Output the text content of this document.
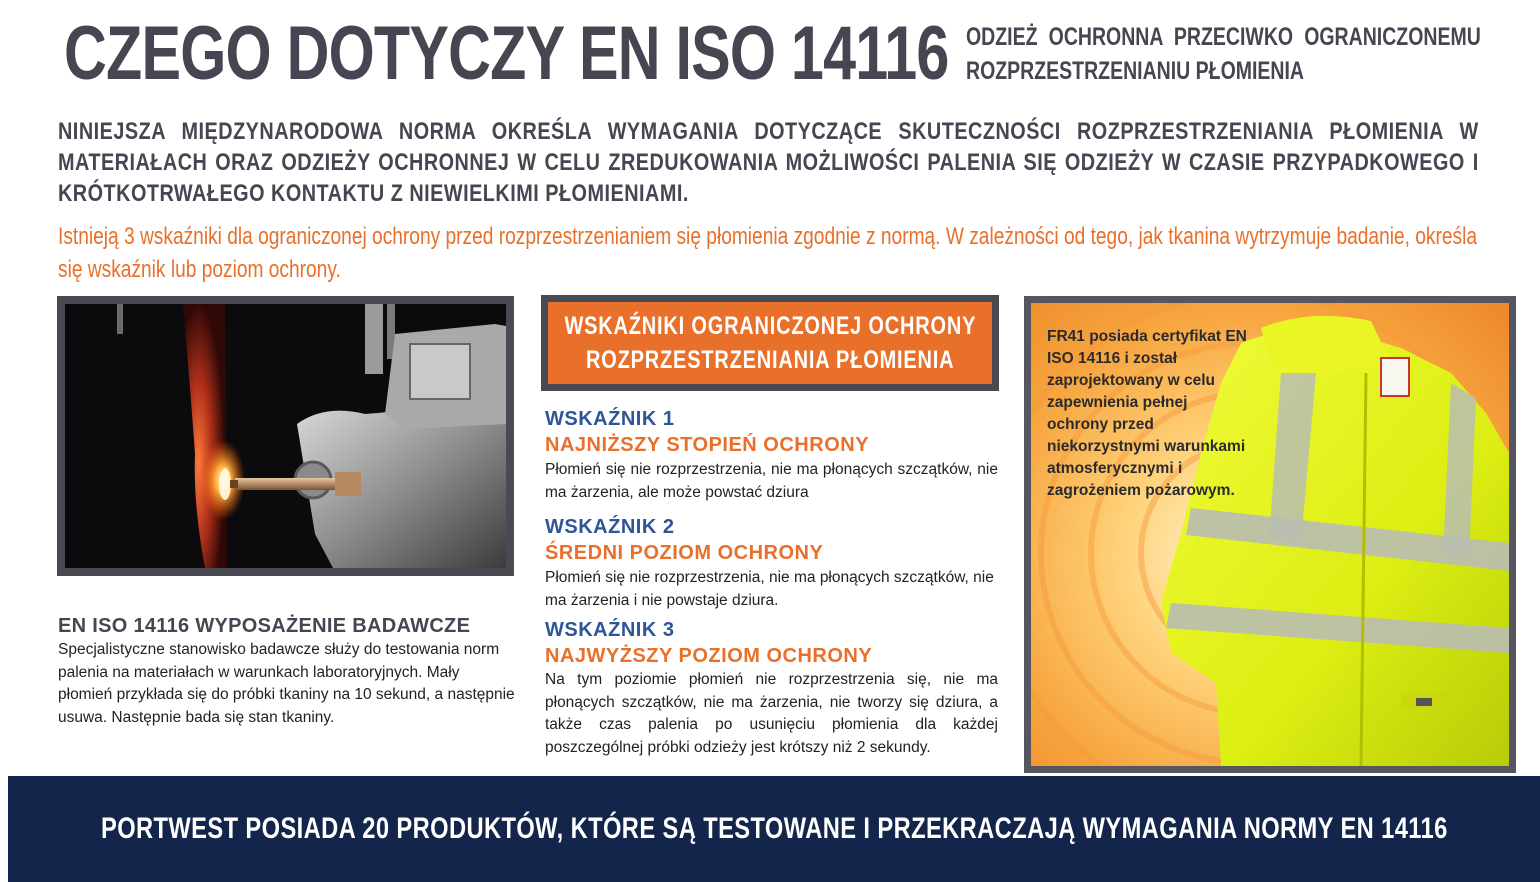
CZEGO DOTYCZY EN ISO 14116 ODZIEŻ OCHRONNA PRZECIWKO OGRANICZONEMU ROZPRZESTRZENIANIU PŁOMIENIA
NINIEJSZA MIĘDZYNARODOWA NORMA OKREŚLA WYMAGANIA DOTYCZĄCE SKUTECZNOŚCI ROZPRZESTRZENIANIA PŁOMIENIA W MATERIAŁACH ORAZ ODZIEŻY OCHRONNEJ W CELU ZREDUKOWANIA MOŻLIWOŚCI PALENIA SIĘ ODZIEŻY W CZASIE PRZYPADKOWEGO I KRÓTKOTRWAŁEGO KONTAKTU Z NIEWIELKIMI PŁOMIENIAMI.
Istnieją 3 wskaźniki dla ograniczonej ochrony przed rozprzestrzenianiem się płomienia zgodnie z normą. W zależności od tego, jak tkanina wytrzymuje badanie, określa się wskaźnik lub poziom ochrony.
EN ISO 14116 WYPOSAŻENIE BADAWCZE
Specjalistyczne stanowisko badawcze służy do testowania norm palenia na materiałach w warunkach laboratoryjnych. Mały płomień przykłada się do próbki tkaniny na 10 sekund, a następnie usuwa. Następnie bada się stan tkaniny.
WSKAŹNIKI OGRANICZONEJ OCHRONY
ROZPRZESTRZENIANIA PŁOMIENIA
WSKAŹNIK 1
NAJNIŻSZY STOPIEŃ OCHRONY
Płomień się nie rozprzestrzenia, nie ma płonących szczątków, nie ma żarzenia, ale może powstać dziura
WSKAŹNIK 2
ŚREDNI POZIOM OCHRONY
Płomień się nie rozprzestrzenia, nie ma płonących szczątków, nie ma żarzenia i nie powstaje dziura.
WSKAŹNIK 3
NAJWYŻSZY POZIOM OCHRONY
Na tym poziomie płomień nie rozprzestrzenia się, nie ma płonących szczątków, nie ma żarzenia, nie tworzy się dziura, a także czas palenia po usunięciu płomienia dla każdej poszczególnej próbki odzieży jest krótszy niż 2 sekundy.
FR41 posiada certyfikat EN ISO 14116 i został zaprojektowany w celu zapewnienia pełnej ochrony przed niekorzystnymi warunkami atmosferycznymi i zagrożeniem pożarowym.
PORTWEST POSIADA 20 PRODUKTÓW, KTÓRE SĄ TESTOWANE I PRZEKRACZAJĄ WYMAGANIA NORMY EN 14116
